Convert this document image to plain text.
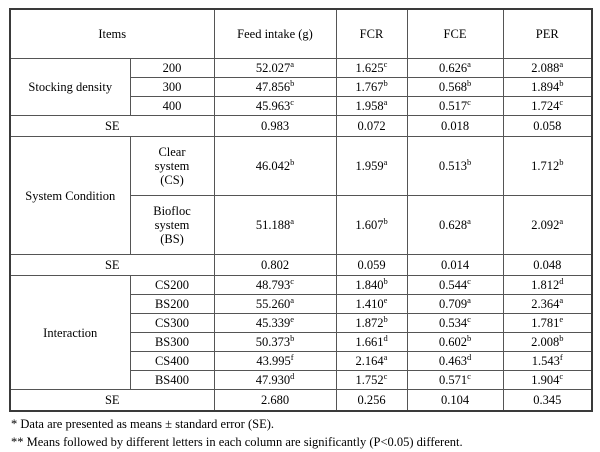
Items		Feed intake (g)	FCR	FCE	PER
Stocking density	200	52.027$^a$	1.625$^c$	0.626$^a$	2.088$^a$
	300	47.856$^b$	1.767$^b$	0.568$^b$	1.894$^b$
	400	45.963$^c$	1.958$^a$	0.517$^c$	1.724$^c$
SE		0.983	0.072	0.018	0.058
System Condition	Clear
system
(CS)	46.042$^b$	1.959$^a$	0.513$^b$	1.712$^b$

	Biofloc
system
(BS)	51.188$^a$	1.607$^b$	0.628$^a$	2.092$^a$
SE		0.802	0.059	0.014	0.048
Interaction	CS200	48.793$^c$	1.840$^b$	0.544$^c$	1.812$^d$
	BS200	55.260$^a$	1.410e	0.709$^a$	2.364$^a$
	CS300	45.339e	1.872$^b$	0.534$^c$	1.781e
	BS300	50.373$^b$	1.661$^d$	0.602$^b$	2.008$^b$
	CS400	43.995$^f$	2.164$^a$	0.463$^d$	1.543$^f$
	BS400	47.930$^d$	1.752$^c$	0.571$^c$	1.904$^c$
SE		2.680	0.256	0.104	0.345
* Data are presented as means ± standard error (SE).
** Means followed by different letters in each column are significantly (P<0.05) different.
